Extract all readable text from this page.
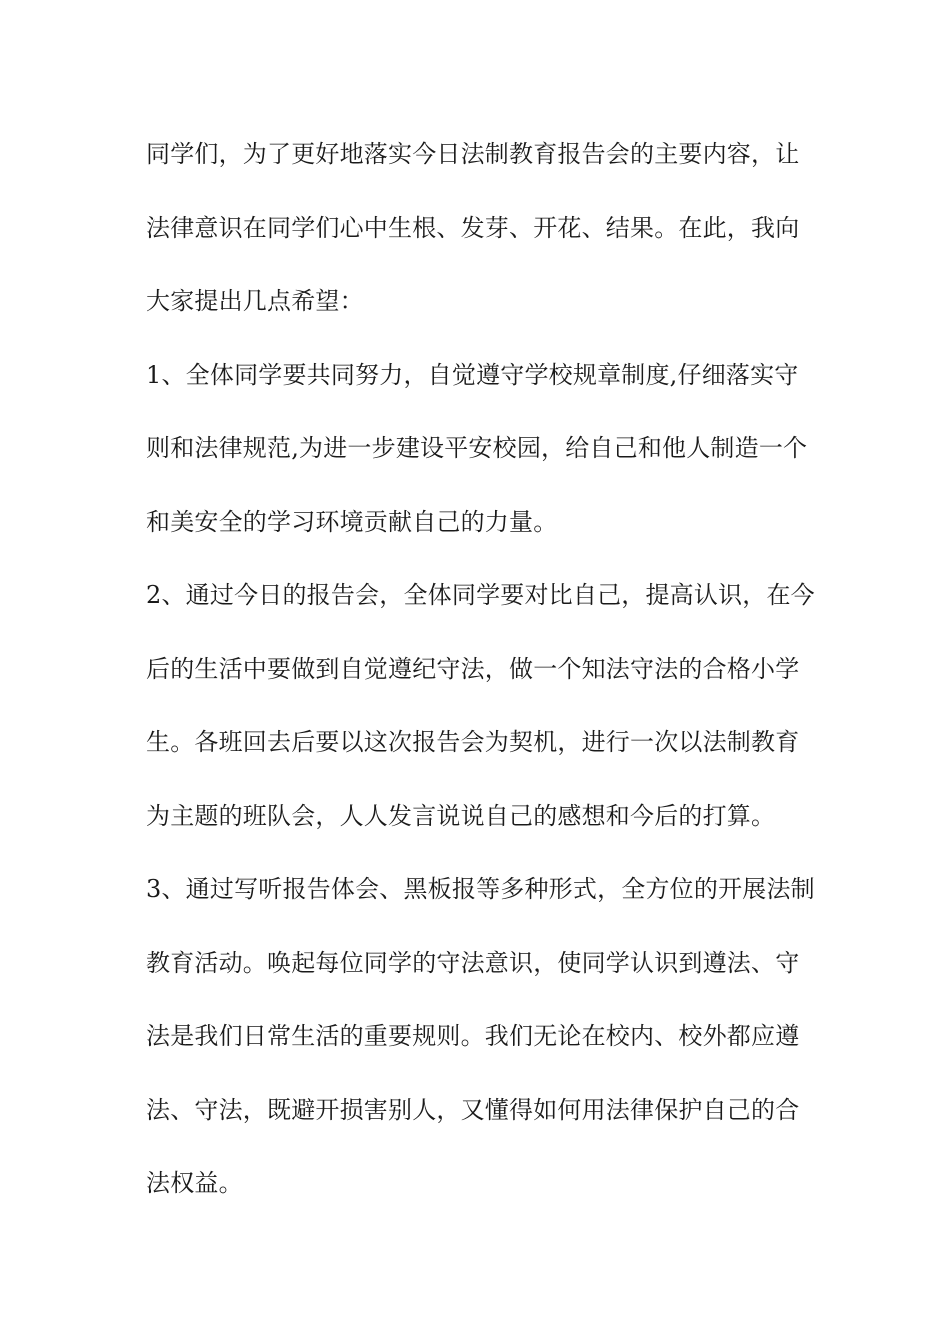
同学们，为了更好地落实今日法制教育报告会的主要内容，让
法律意识在同学们心中生根、发芽、开花、结果。在此，我向
大家提出几点希望：
1、全体同学要共同努力，自觉遵守学校规章制度,仔细落实守
则和法律规范,为进一步建设平安校园，给自己和他人制造一个
和美安全的学习环境贡献自己的力量。
2、通过今日的报告会，全体同学要对比自己，提高认识，在今
后的生活中要做到自觉遵纪守法，做一个知法守法的合格小学
生。各班回去后要以这次报告会为契机，进行一次以法制教育
为主题的班队会，人人发言说说自己的感想和今后的打算。
3、通过写听报告体会、黑板报等多种形式，全方位的开展法制
教育活动。唤起每位同学的守法意识，使同学认识到遵法、守
法是我们日常生活的重要规则。我们无论在校内、校外都应遵
法、守法，既避开损害别人，又懂得如何用法律保护自己的合
法权益。
